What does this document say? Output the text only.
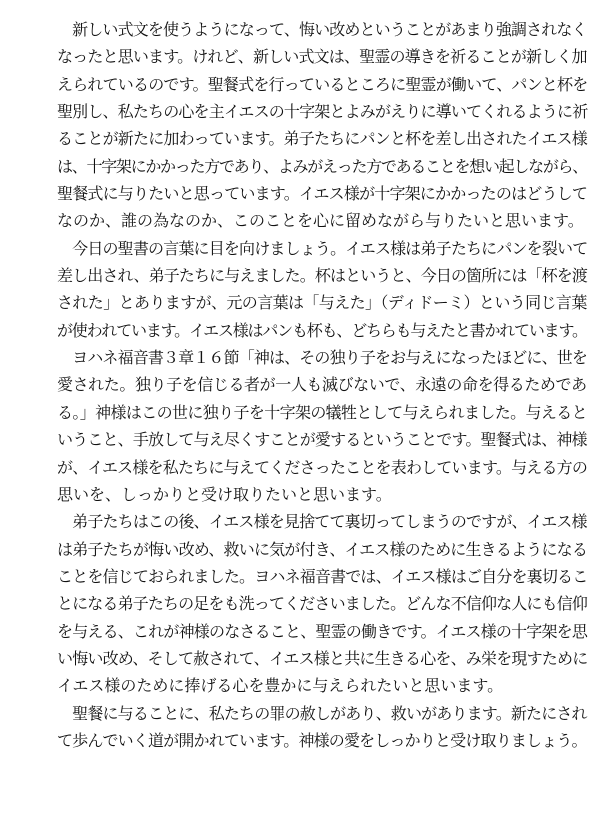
　新しい式文を使うようになって、悔い改めということがあまり強調されなく
なったと思います。けれど、新しい式文は、聖霊の導きを祈ることが新しく加
えられているのです。聖餐式を行っているところに聖霊が働いて、パンと杯を
聖別し、私たちの心を主イエスの十字架とよみがえりに導いてくれるように祈
ることが新たに加わっています。弟子たちにパンと杯を差し出されたイエス様
は、十字架にかかった方であり、よみがえった方であることを想い起しながら、
聖餐式に与りたいと思っています。イエス様が十字架にかかったのはどうして
なのか、誰の為なのか、このことを心に留めながら与りたいと思います。
　今日の聖書の言葉に目を向けましょう。イエス様は弟子たちにパンを裂いて
差し出され、弟子たちに与えました。杯はというと、今日の箇所には「杯を渡
された」とありますが、元の言葉は「与えた」（ディドーミ）という同じ言葉
が使われています。イエス様はパンも杯も、どちらも与えたと書かれています。
　ヨハネ福音書３章１６節「神は、その独り子をお与えになったほどに、世を
愛された。独り子を信じる者が一人も滅びないで、永遠の命を得るためであ
る。」神様はこの世に独り子を十字架の犠牲として与えられました。与えると
いうこと、手放して与え尽くすことが愛するということです。聖餐式は、神様
が、イエス様を私たちに与えてくださったことを表わしています。与える方の
思いを、しっかりと受け取りたいと思います。
　弟子たちはこの後、イエス様を見捨てて裏切ってしまうのですが、イエス様
は弟子たちが悔い改め、救いに気が付き、イエス様のために生きるようになる
ことを信じておられました。ヨハネ福音書では、イエス様はご自分を裏切るこ
とになる弟子たちの足をも洗ってくださいました。どんな不信仰な人にも信仰
を与える、これが神様のなさること、聖霊の働きです。イエス様の十字架を思
い悔い改め、そして赦されて、イエス様と共に生きる心を、み栄を現すために
イエス様のために捧げる心を豊かに与えられたいと思います。
　聖餐に与ることに、私たちの罪の赦しがあり、救いがあります。新たにされ
て歩んでいく道が開かれています。神様の愛をしっかりと受け取りましょう。
